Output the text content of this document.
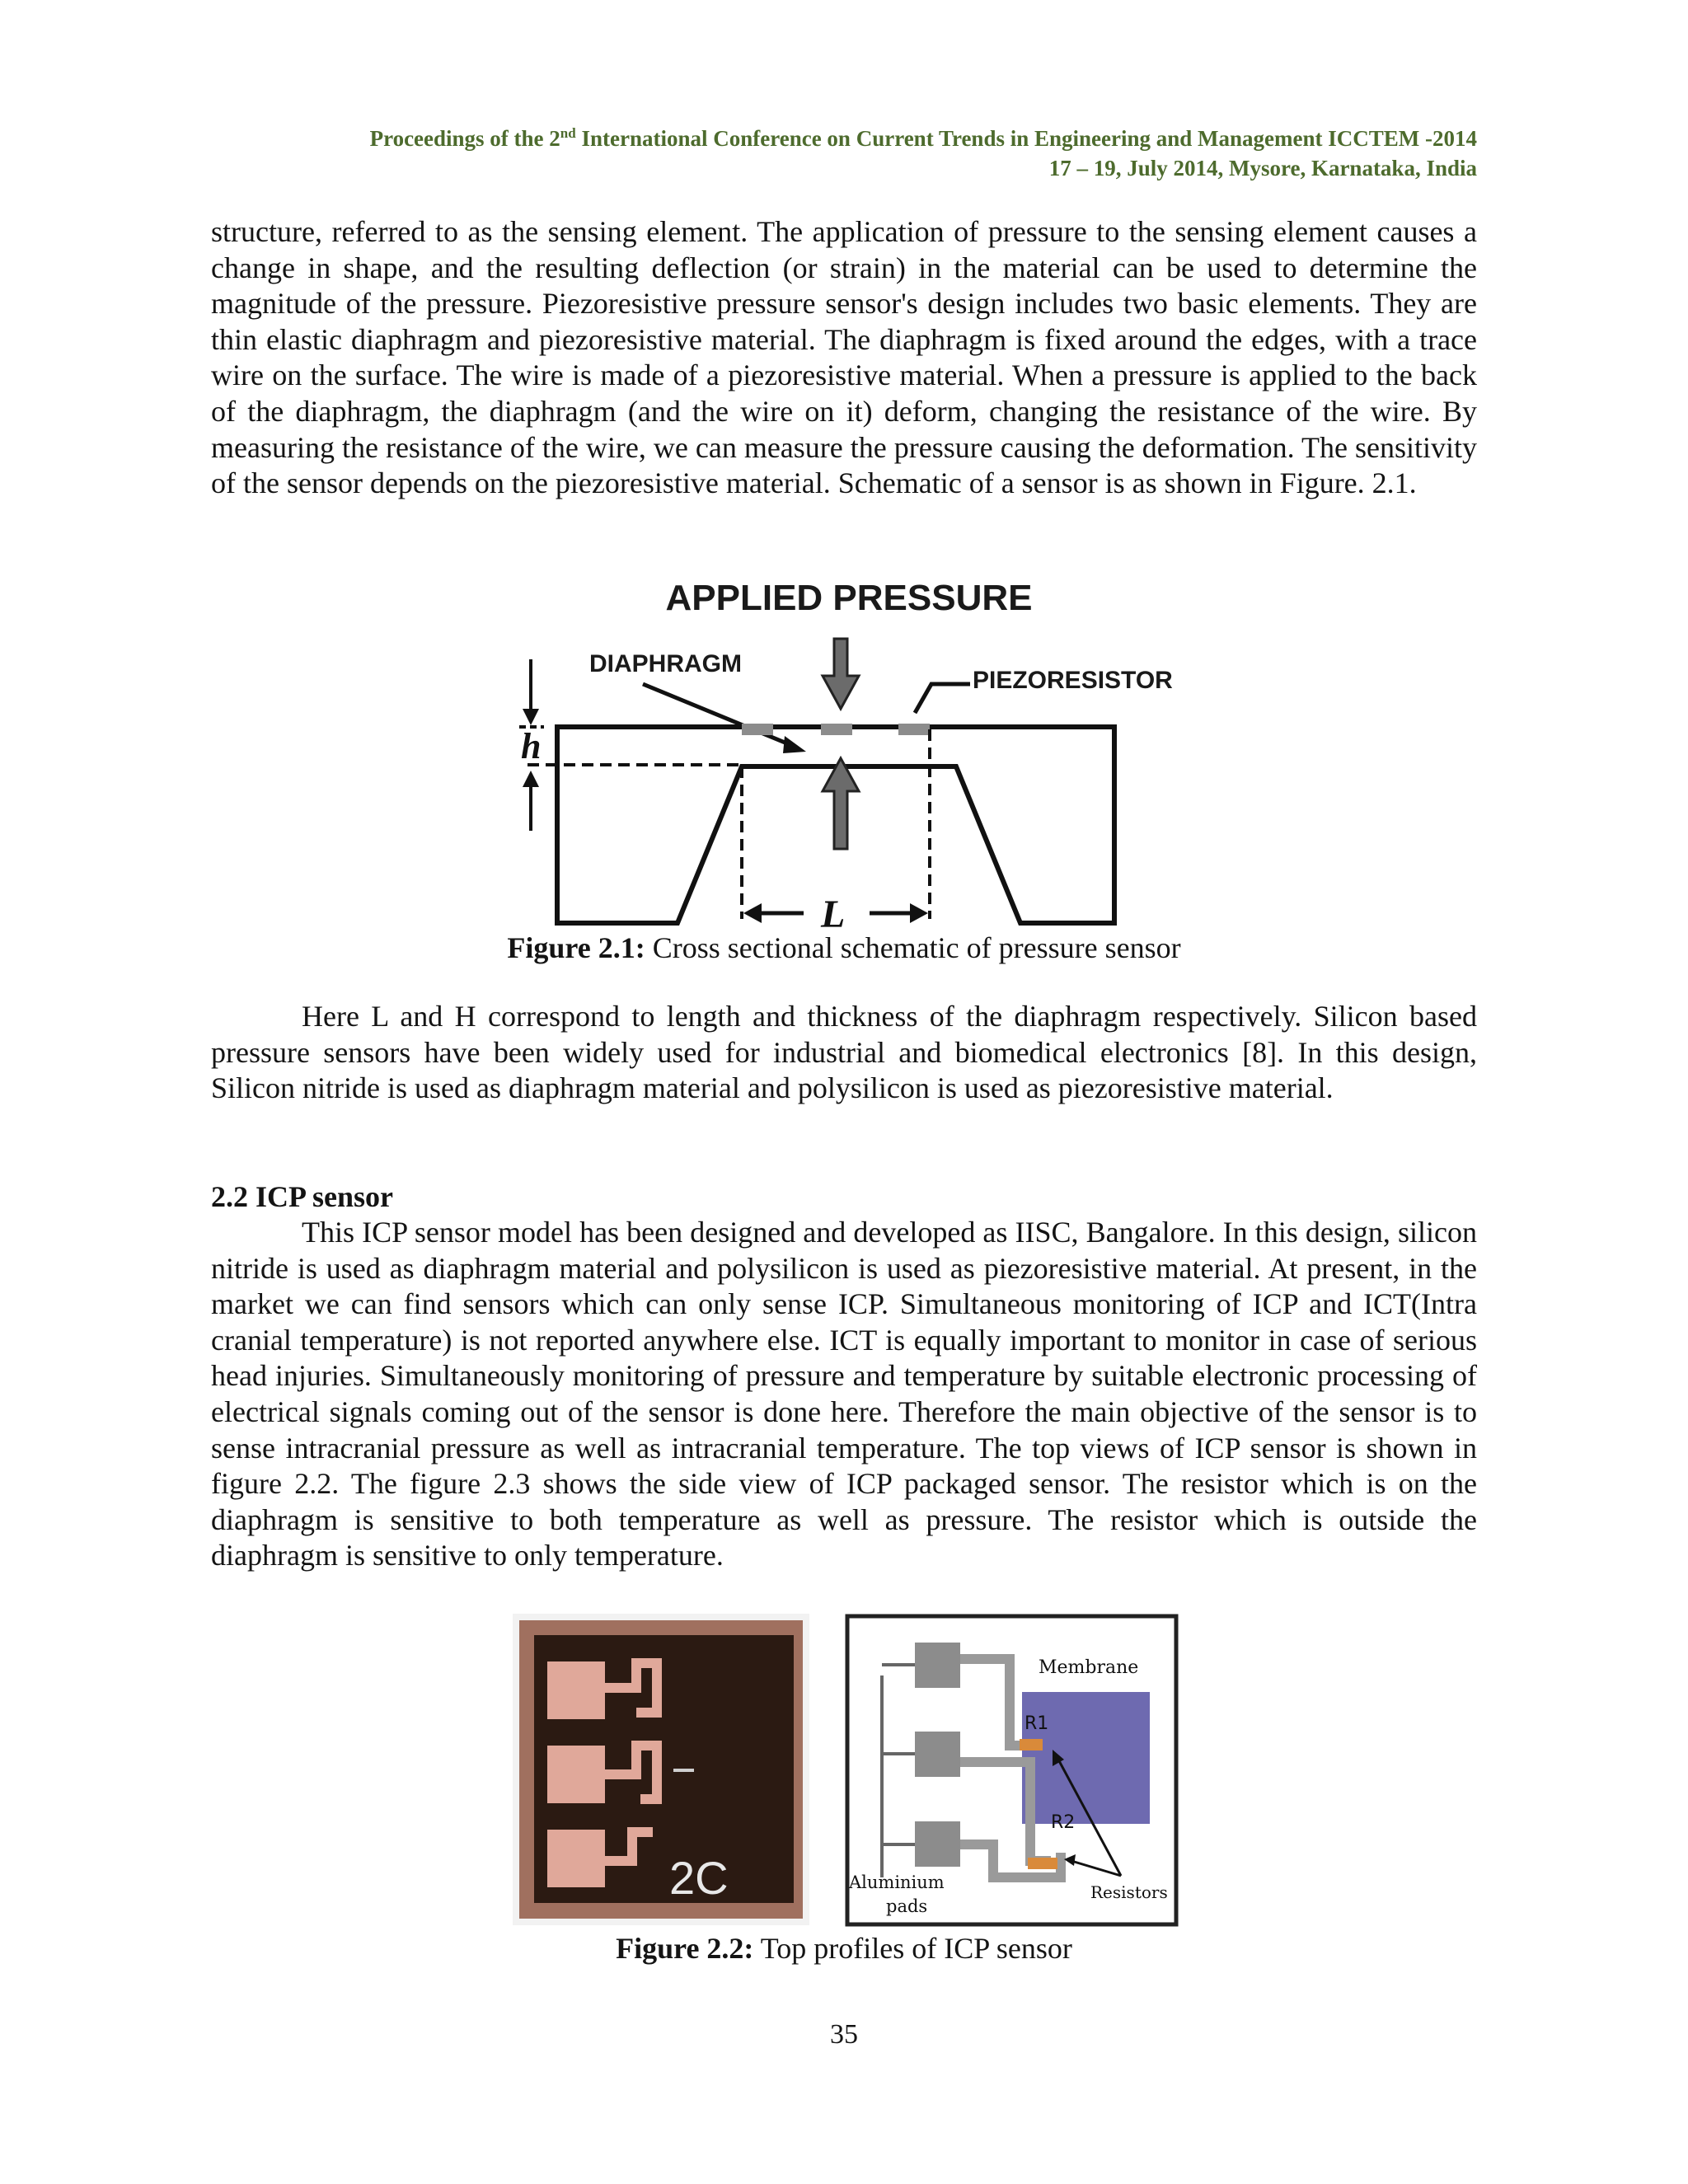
Proceedings of the 2nd International Conference on Current Trends in Engineering and Management ICCTEM -2014
17 – 19, July 2014, Mysore, Karnataka, India

structure, referred to as the sensing element. The application of pressure to the sensing element causes a change in shape, and the resulting deflection (or strain) in the material can be used to determine the magnitude of the pressure. Piezoresistive pressure sensor's design includes two basic elements. They are thin elastic diaphragm and piezoresistive material. The diaphragm is fixed around the edges, with a trace wire on the surface. The wire is made of a piezoresistive material. When a pressure is applied to the back of the diaphragm, the diaphragm (and the wire on it) deform, changing the resistance of the wire. By measuring the resistance of the wire, we can measure the pressure causing the deformation. The sensitivity of the sensor depends on the piezoresistive material. Schematic of a sensor is as shown in Figure. 2.1.

APPLIED PRESSURE
DIAPHRAGM
PIEZORESISTOR
h
L
Figure 2.1: Cross sectional schematic of pressure sensor

Here L and H correspond to length and thickness of the diaphragm respectively. Silicon based pressure sensors have been widely used for industrial and biomedical electronics [8]. In this design, Silicon nitride is used as diaphragm material and polysilicon is used as piezoresistive material.

2.2 ICP sensor

This ICP sensor model has been designed and developed as IISC, Bangalore. In this design, silicon nitride is used as diaphragm material and polysilicon is used as piezoresistive material. At present, in the market we can find sensors which can only sense ICP. Simultaneous monitoring of ICP and ICT(Intra cranial temperature) is not reported anywhere else. ICT is equally important to monitor in case of serious head injuries. Simultaneously monitoring of pressure and temperature by suitable electronic processing of electrical signals coming out of the sensor is done here. Therefore the main objective of the sensor is to sense intracranial pressure as well as intracranial temperature. The top views of ICP sensor is shown in figure 2.2. The figure 2.3 shows the side view of ICP packaged sensor. The resistor which is on the diaphragm is sensitive to both temperature as well as pressure. The resistor which is outside the diaphragm is sensitive to only temperature.

2C
Membrane
R1
R2
Resistors
Aluminium
pads
Figure 2.2: Top profiles of ICP sensor
35
